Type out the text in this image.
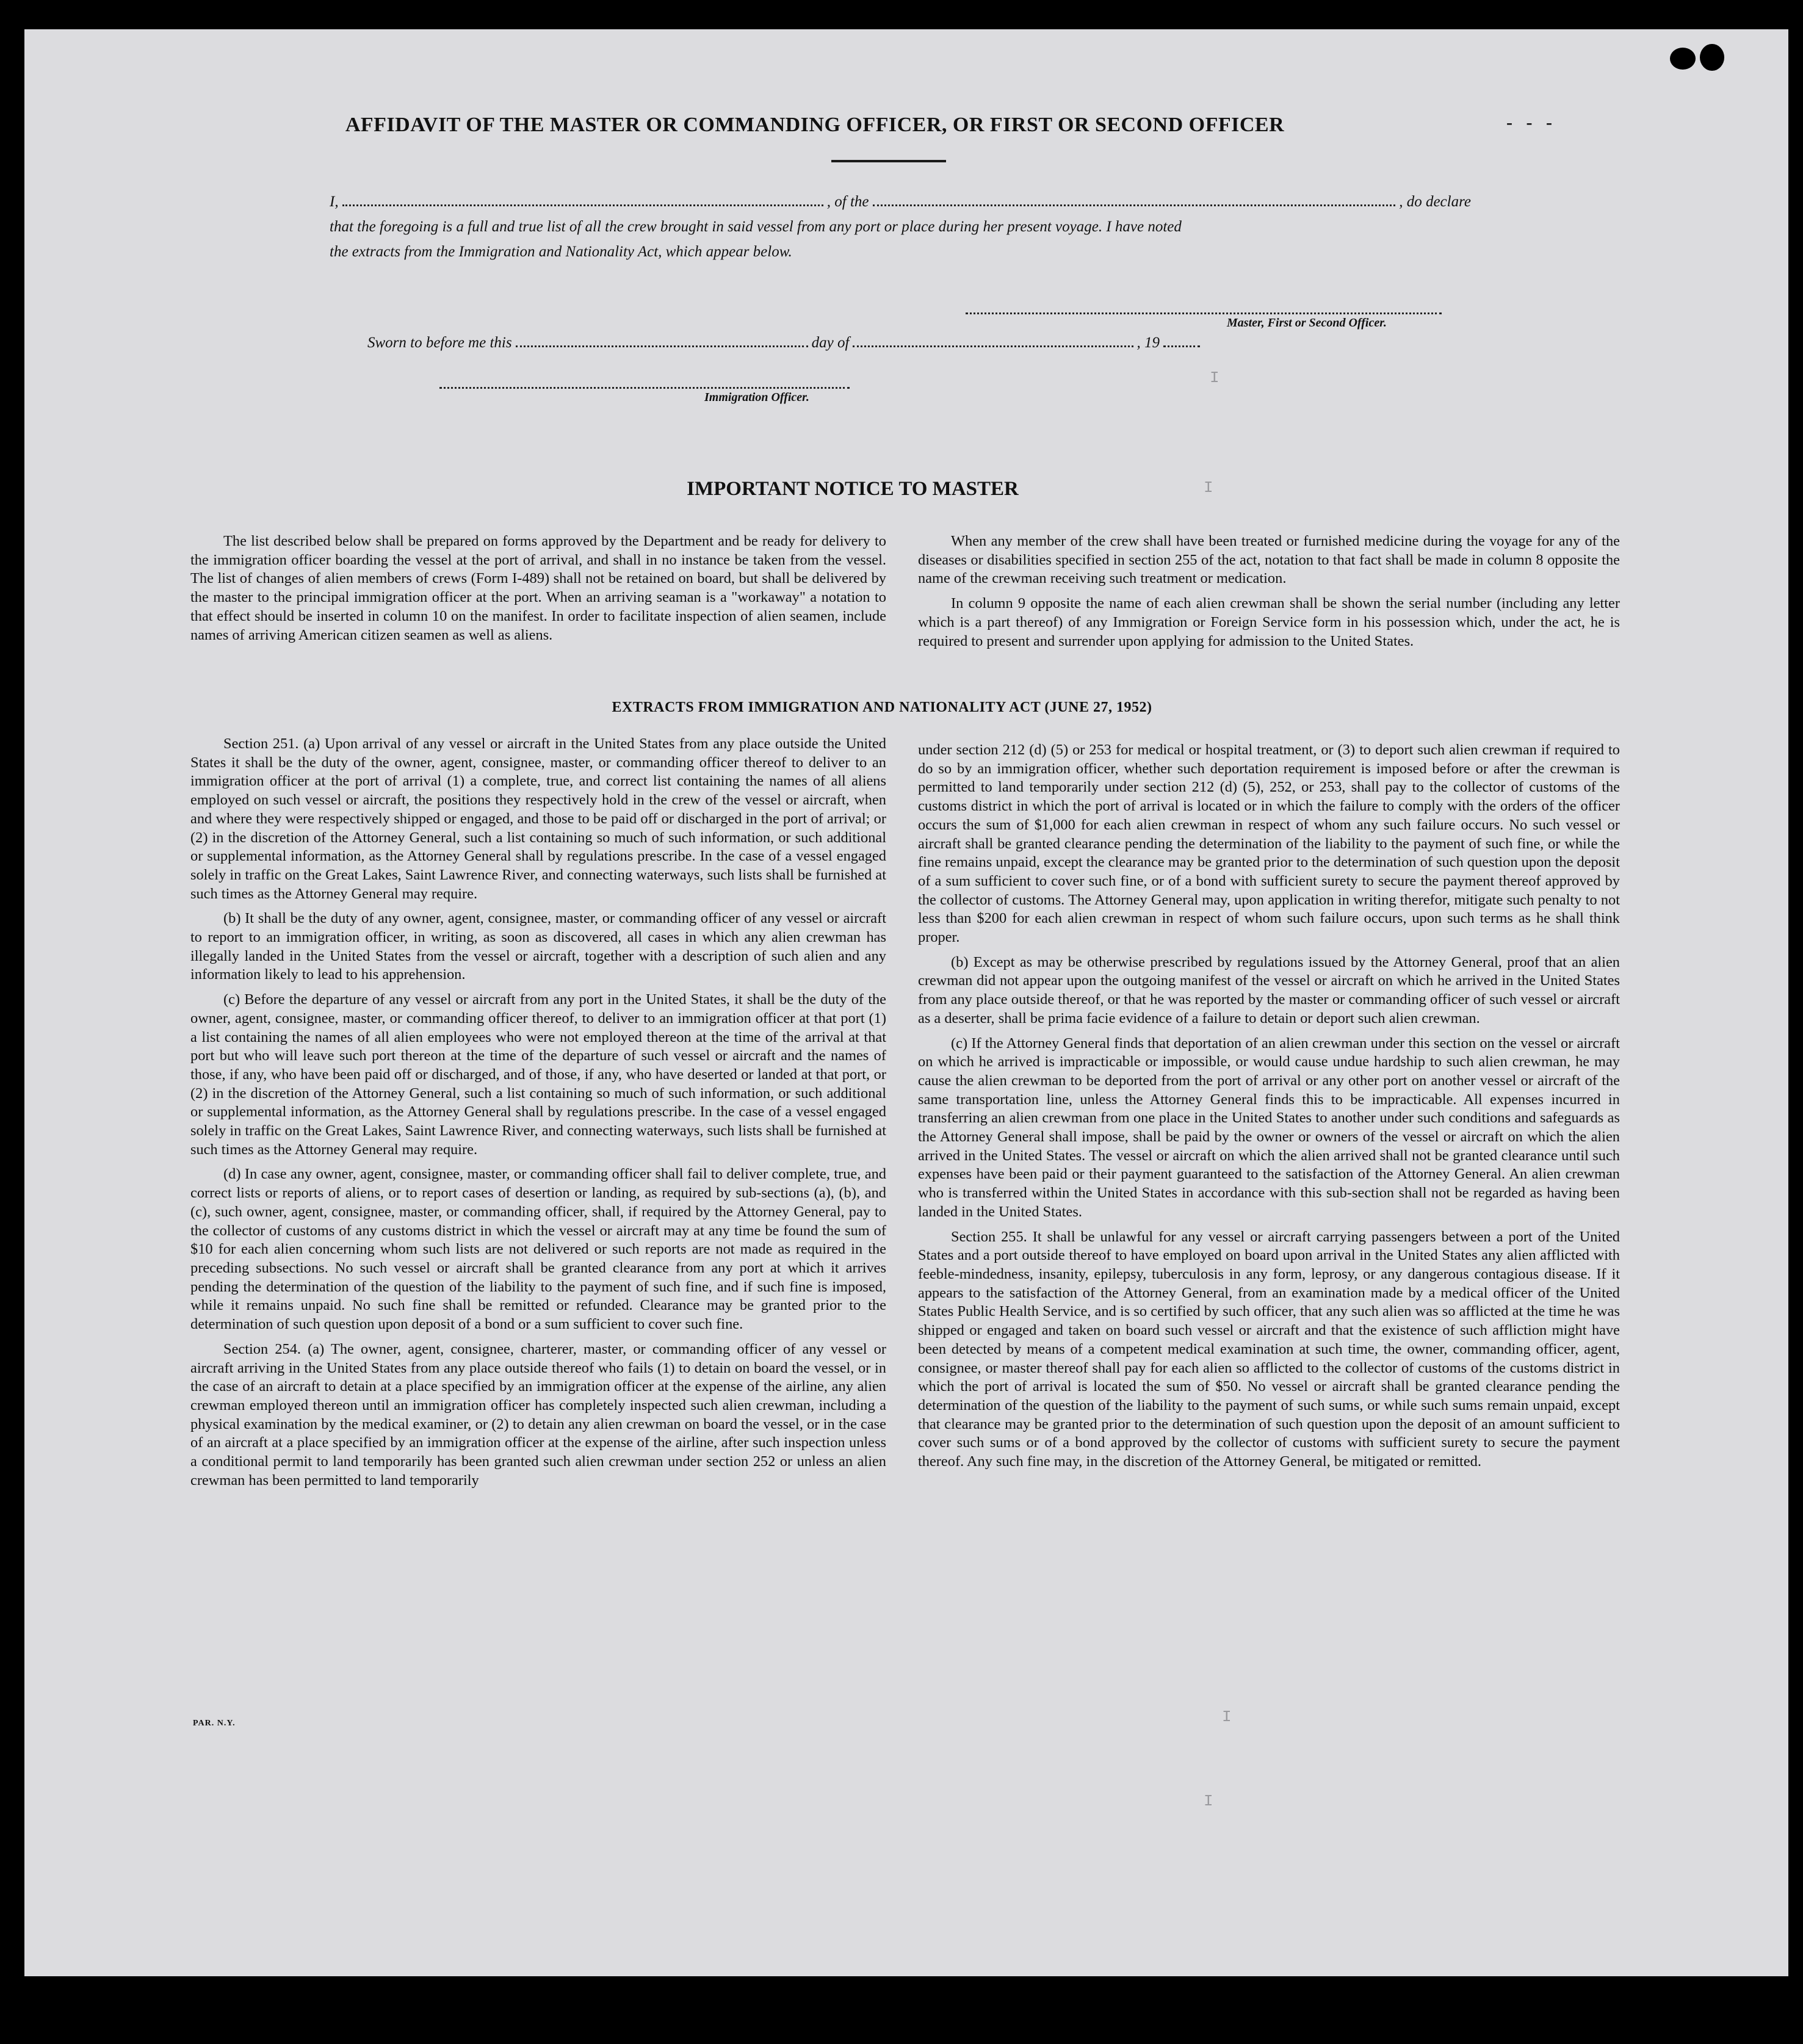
AFFIDAVIT OF THE MASTER OR COMMANDING OFFICER, OR FIRST OR SECOND OFFICER	-   -   -
I,	, of the	, do declare
that the foregoing is a full and true list of all the crew brought in said vessel from any port or place during her present voyage. I have noted
the extracts from the Immigration and Nationality Act, which appear below.
Master, First or Second Officer.
Sworn to before me this	day of	, 19
Immigration Officer.
I
I
I
I
IMPORTANT NOTICE TO MASTER

The list described below shall be prepared on forms approved by the Department and be ready for delivery to the immigration officer boarding the vessel at the port of arrival, and shall in no instance be taken from the vessel. The list of changes of alien members of crews (Form I-489) shall not be retained on board, but shall be delivered by the master to the principal immigration officer at the port. When an arriving seaman is a "workaway" a notation to that effect should be inserted in column 10 on the manifest. In order to facilitate inspection of alien seamen, include names of arriving American citizen seamen as well as aliens.

When any member of the crew shall have been treated or furnished medicine during the voyage for any of the diseases or disabilities specified in section 255 of the act, notation to that fact shall be made in column 8 opposite the name of the crewman receiving such treatment or medication.

In column 9 opposite the name of each alien crewman shall be shown the serial number (including any letter which is a part thereof) of any Immigration or Foreign Service form in his possession which, under the act, he is required to present and surrender upon applying for admission to the United States.

EXTRACTS FROM IMMIGRATION AND NATIONALITY ACT (JUNE 27, 1952)

Section 251. (a) Upon arrival of any vessel or aircraft in the United States from any place outside the United States it shall be the duty of the owner, agent, consignee, master, or commanding officer thereof to deliver to an immigration officer at the port of arrival (1) a complete, true, and correct list containing the names of all aliens employed on such vessel or aircraft, the positions they respectively hold in the crew of the vessel or aircraft, when and where they were respectively shipped or engaged, and those to be paid off or discharged in the port of arrival; or (2) in the discretion of the Attorney General, such a list containing so much of such information, or such additional or supplemental information, as the Attorney General shall by regulations prescribe. In the case of a vessel engaged solely in traffic on the Great Lakes, Saint Lawrence River, and connecting waterways, such lists shall be furnished at such times as the Attorney General may require.

(b) It shall be the duty of any owner, agent, consignee, master, or commanding officer of any vessel or aircraft to report to an immigration officer, in writing, as soon as discovered, all cases in which any alien crewman has illegally landed in the United States from the vessel or aircraft, together with a description of such alien and any information likely to lead to his apprehension.

(c) Before the departure of any vessel or aircraft from any port in the United States, it shall be the duty of the owner, agent, consignee, master, or commanding officer thereof, to deliver to an immigration officer at that port (1) a list containing the names of all alien employees who were not employed thereon at the time of the arrival at that port but who will leave such port thereon at the time of the departure of such vessel or aircraft and the names of those, if any, who have been paid off or discharged, and of those, if any, who have deserted or landed at that port, or (2) in the discretion of the Attorney General, such a list containing so much of such information, or such additional or supplemental information, as the Attorney General shall by regulations prescribe. In the case of a vessel engaged solely in traffic on the Great Lakes, Saint Lawrence River, and connecting waterways, such lists shall be furnished at such times as the Attorney General may require.

(d) In case any owner, agent, consignee, master, or commanding officer shall fail to deliver complete, true, and correct lists or reports of aliens, or to report cases of desertion or landing, as required by sub-sections (a), (b), and (c), such owner, agent, consignee, master, or commanding officer, shall, if required by the Attorney General, pay to the collector of customs of any customs district in which the vessel or aircraft may at any time be found the sum of $10 for each alien concerning whom such lists are not delivered or such reports are not made as required in the preceding subsections. No such vessel or aircraft shall be granted clearance from any port at which it arrives pending the determination of the question of the liability to the payment of such fine, and if such fine is imposed, while it remains unpaid. No such fine shall be remitted or refunded. Clearance may be granted prior to the determination of such question upon deposit of a bond or a sum sufficient to cover such fine.

Section 254. (a) The owner, agent, consignee, charterer, master, or commanding officer of any vessel or aircraft arriving in the United States from any place outside thereof who fails (1) to detain on board the vessel, or in the case of an aircraft to detain at a place specified by an immigration officer at the expense of the airline, any alien crewman employed thereon until an immigration officer has completely inspected such alien crewman, including a physical examination by the medical examiner, or (2) to detain any alien crewman on board the vessel, or in the case of an aircraft at a place specified by an immigration officer at the expense of the airline, after such inspection unless a conditional permit to land temporarily has been granted such alien crewman under section 252 or unless an alien crewman has been permitted to land temporarily

under section 212 (d) (5) or 253 for medical or hospital treatment, or (3) to deport such alien crewman if required to do so by an immigration officer, whether such deportation requirement is imposed before or after the crewman is permitted to land temporarily under section 212 (d) (5), 252, or 253, shall pay to the collector of customs of the customs district in which the port of arrival is located or in which the failure to comply with the orders of the officer occurs the sum of $1,000 for each alien crewman in respect of whom any such failure occurs. No such vessel or aircraft shall be granted clearance pending the determination of the liability to the payment of such fine, or while the fine remains unpaid, except the clearance may be granted prior to the determination of such question upon the deposit of a sum sufficient to cover such fine, or of a bond with sufficient surety to secure the payment thereof approved by the collector of customs. The Attorney General may, upon application in writing therefor, mitigate such penalty to not less than $200 for each alien crewman in respect of whom such failure occurs, upon such terms as he shall think proper.

(b) Except as may be otherwise prescribed by regulations issued by the Attorney General, proof that an alien crewman did not appear upon the outgoing manifest of the vessel or aircraft on which he arrived in the United States from any place outside thereof, or that he was reported by the master or commanding officer of such vessel or aircraft as a deserter, shall be prima facie evidence of a failure to detain or deport such alien crewman.

(c) If the Attorney General finds that deportation of an alien crewman under this section on the vessel or aircraft on which he arrived is impracticable or impossible, or would cause undue hardship to such alien crewman, he may cause the alien crewman to be deported from the port of arrival or any other port on another vessel or aircraft of the same transportation line, unless the Attorney General finds this to be impracticable. All expenses incurred in transferring an alien crewman from one place in the United States to another under such conditions and safeguards as the Attorney General shall impose, shall be paid by the owner or owners of the vessel or aircraft on which the alien arrived in the United States. The vessel or aircraft on which the alien arrived shall not be granted clearance until such expenses have been paid or their payment guaranteed to the satisfaction of the Attorney General. An alien crewman who is transferred within the United States in accordance with this sub-section shall not be regarded as having been landed in the United States.

Section 255. It shall be unlawful for any vessel or aircraft carrying passengers between a port of the United States and a port outside thereof to have employed on board upon arrival in the United States any alien afflicted with feeble-mindedness, insanity, epilepsy, tuberculosis in any form, leprosy, or any dangerous contagious disease. If it appears to the satisfaction of the Attorney General, from an examination made by a medical officer of the United States Public Health Service, and is so certified by such officer, that any such alien was so afflicted at the time he was shipped or engaged and taken on board such vessel or aircraft and that the existence of such affliction might have been detected by means of a competent medical examination at such time, the owner, commanding officer, agent, consignee, or master thereof shall pay for each alien so afflicted to the collector of customs of the customs district in which the port of arrival is located the sum of $50. No vessel or aircraft shall be granted clearance pending the determination of the question of the liability to the payment of such sums, or while such sums remain unpaid, except that clearance may be granted prior to the determination of such question upon the deposit of an amount sufficient to cover such sums or of a bond approved by the collector of customs with sufficient surety to secure the payment thereof. Any such fine may, in the discretion of the Attorney General, be mitigated or remitted.

PAR. N.Y.
